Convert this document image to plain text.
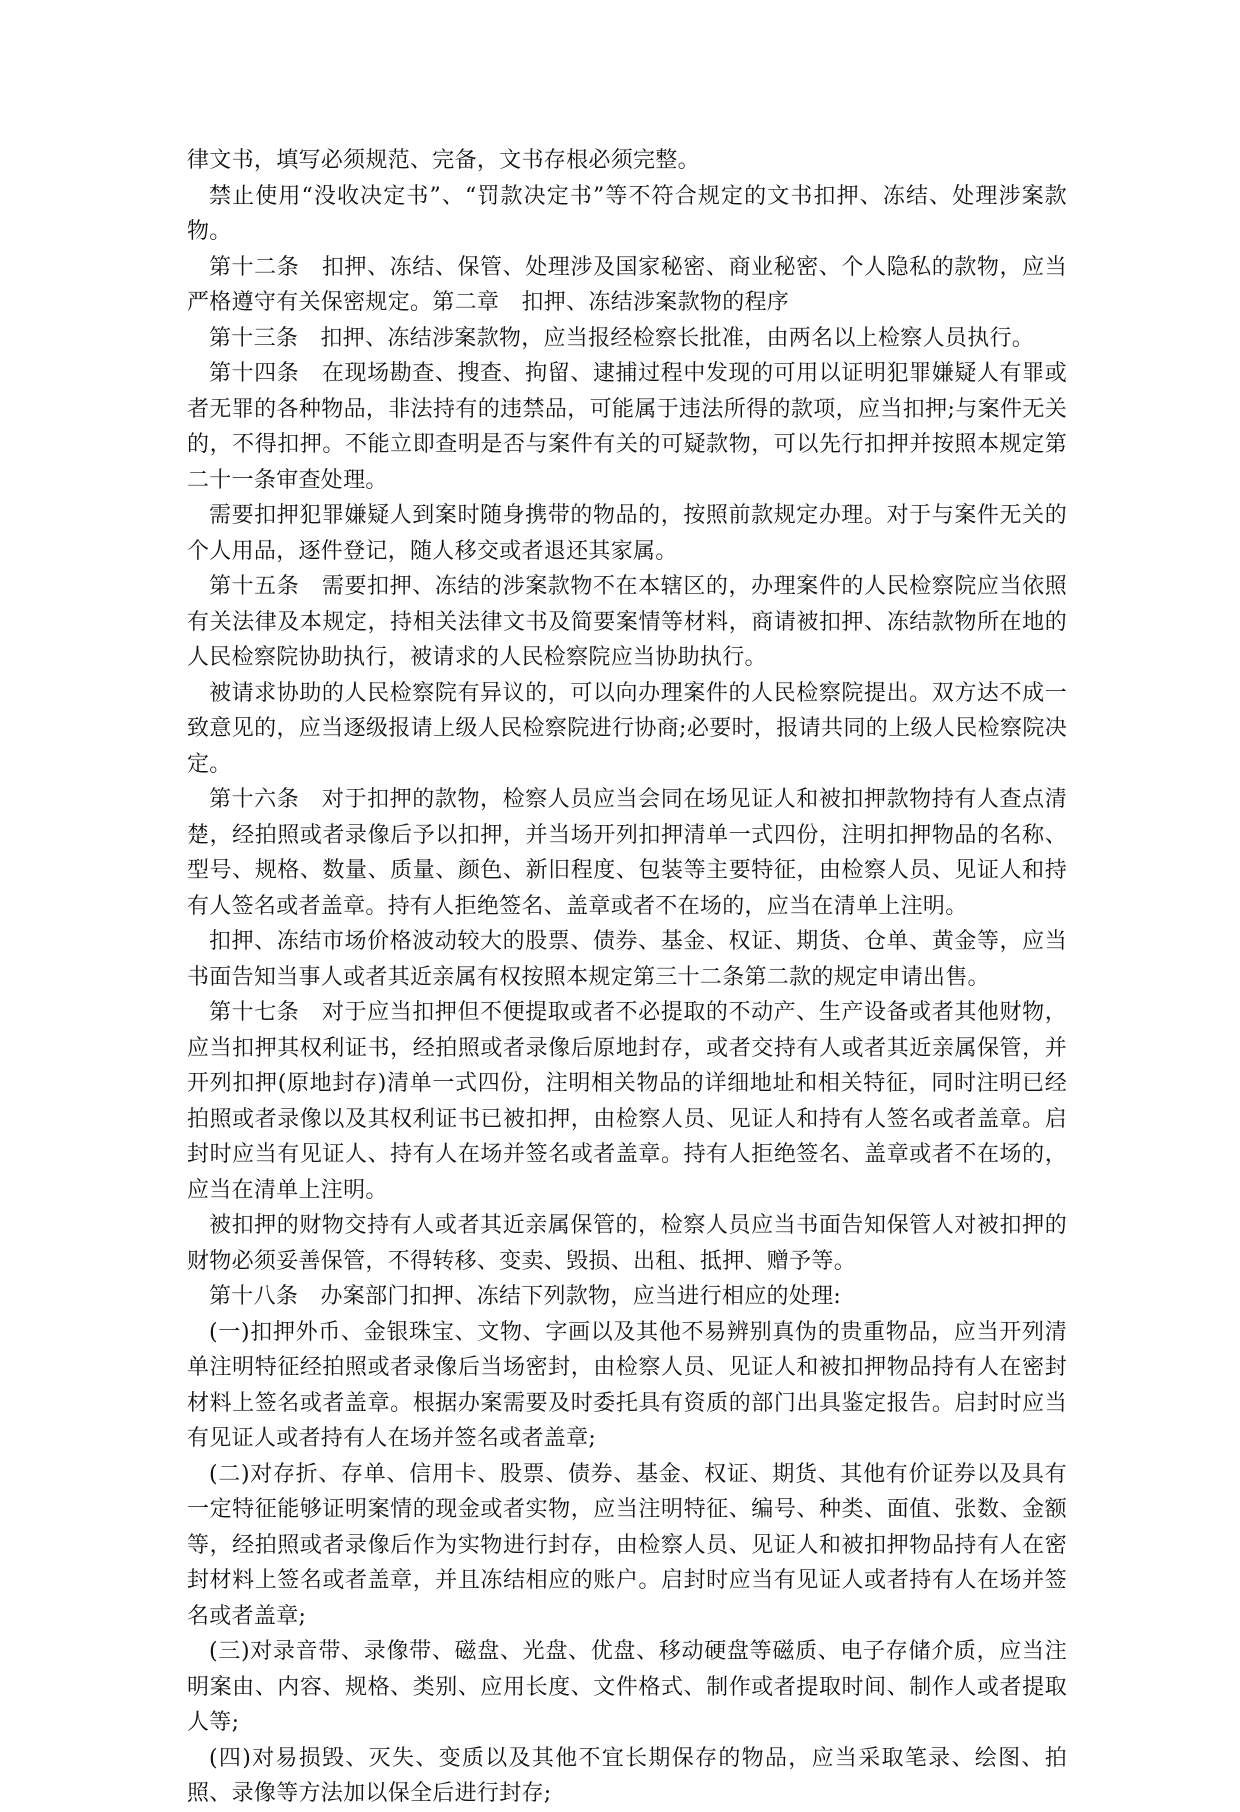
律文书，填写必须规范、完备，文书存根必须完整。

禁止使用“没收决定书”、“罚款决定书”等不符合规定的文书扣押、冻结、处理涉案款物。

第十二条　扣押、冻结、保管、处理涉及国家秘密、商业秘密、个人隐私的款物，应当严格遵守有关保密规定。第二章　扣押、冻结涉案款物的程序

第十三条　扣押、冻结涉案款物，应当报经检察长批准，由两名以上检察人员执行。

第十四条　在现场勘查、搜查、拘留、逮捕过程中发现的可用以证明犯罪嫌疑人有罪或者无罪的各种物品，非法持有的违禁品，可能属于违法所得的款项，应当扣押;与案件无关的，不得扣押。不能立即查明是否与案件有关的可疑款物，可以先行扣押并按照本规定第二十一条审查处理。

需要扣押犯罪嫌疑人到案时随身携带的物品的，按照前款规定办理。对于与案件无关的个人用品，逐件登记，随人移交或者退还其家属。

第十五条　需要扣押、冻结的涉案款物不在本辖区的，办理案件的人民检察院应当依照有关法律及本规定，持相关法律文书及简要案情等材料，商请被扣押、冻结款物所在地的人民检察院协助执行，被请求的人民检察院应当协助执行。

被请求协助的人民检察院有异议的，可以向办理案件的人民检察院提出。双方达不成一致意见的，应当逐级报请上级人民检察院进行协商;必要时，报请共同的上级人民检察院决定。

第十六条　对于扣押的款物，检察人员应当会同在场见证人和被扣押款物持有人查点清楚，经拍照或者录像后予以扣押，并当场开列扣押清单一式四份，注明扣押物品的名称、型号、规格、数量、质量、颜色、新旧程度、包装等主要特征，由检察人员、见证人和持有人签名或者盖章。持有人拒绝签名、盖章或者不在场的，应当在清单上注明。

扣押、冻结市场价格波动较大的股票、债券、基金、权证、期货、仓单、黄金等，应当书面告知当事人或者其近亲属有权按照本规定第三十二条第二款的规定申请出售。

第十七条　对于应当扣押但不便提取或者不必提取的不动产、生产设备或者其他财物，应当扣押其权利证书，经拍照或者录像后原地封存，或者交持有人或者其近亲属保管，并开列扣押(原地封存)清单一式四份，注明相关物品的详细地址和相关特征，同时注明已经拍照或者录像以及其权利证书已被扣押，由检察人员、见证人和持有人签名或者盖章。启封时应当有见证人、持有人在场并签名或者盖章。持有人拒绝签名、盖章或者不在场的，应当在清单上注明。

被扣押的财物交持有人或者其近亲属保管的，检察人员应当书面告知保管人对被扣押的财物必须妥善保管，不得转移、变卖、毁损、出租、抵押、赠予等。

第十八条　办案部门扣押、冻结下列款物，应当进行相应的处理:

(一)扣押外币、金银珠宝、文物、字画以及其他不易辨别真伪的贵重物品，应当开列清单注明特征经拍照或者录像后当场密封，由检察人员、见证人和被扣押物品持有人在密封材料上签名或者盖章。根据办案需要及时委托具有资质的部门出具鉴定报告。启封时应当有见证人或者持有人在场并签名或者盖章;

(二)对存折、存单、信用卡、股票、债券、基金、权证、期货、其他有价证券以及具有一定特征能够证明案情的现金或者实物，应当注明特征、编号、种类、面值、张数、金额等，经拍照或者录像后作为实物进行封存，由检察人员、见证人和被扣押物品持有人在密封材料上签名或者盖章，并且冻结相应的账户。启封时应当有见证人或者持有人在场并签名或者盖章;

(三)对录音带、录像带、磁盘、光盘、优盘、移动硬盘等磁质、电子存储介质，应当注明案由、内容、规格、类别、应用长度、文件格式、制作或者提取时间、制作人或者提取人等;

(四)对易损毁、灭失、变质以及其他不宜长期保存的物品，应当采取笔录、绘图、拍照、录像等方法加以保全后进行封存;
